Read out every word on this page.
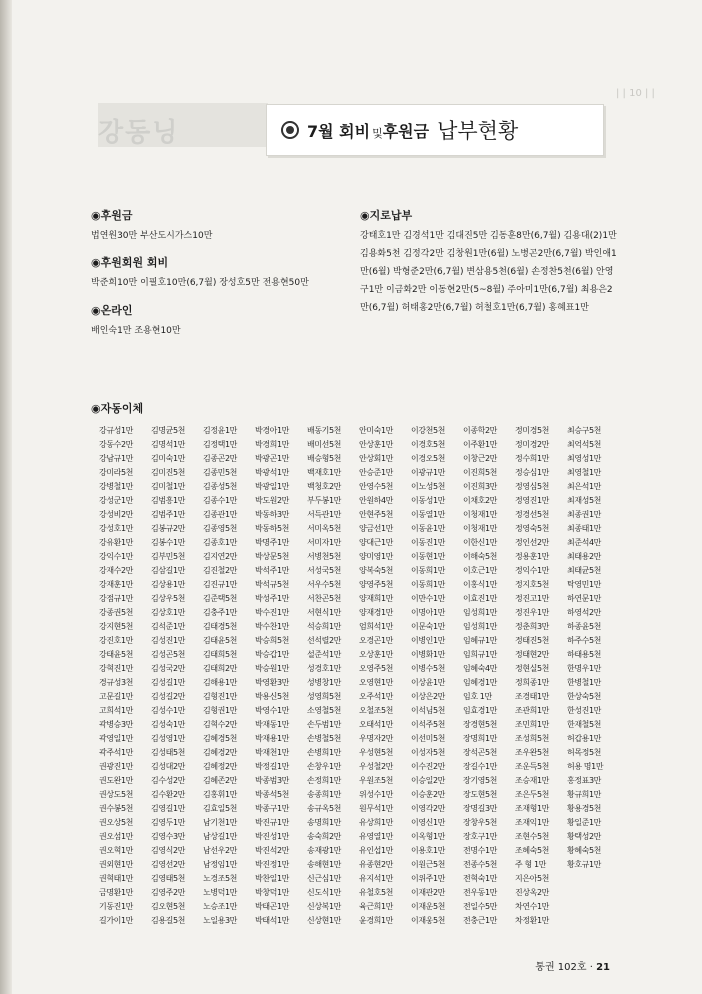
강동닝
| | 10 | |
7월 회비 및 후원금 납부현황
◉후원금
법연원30만 부산도시가스10만
◉후원회원 회비
박준희10만 이필호10만(6,7월) 장성호5만 전용현50만
◉온라인
배인숙1만 조용현10만
◉지로납부
강태호1만 김경석1만 김대진5만 김동훈8만(6,7월) 김용대(2)1만 김용화5천 김정각2만 김창원1만(6월) 노병곤2만(6,7월) 박인애1만(6월) 박형준2만(6,7월) 변삼용5천(6월) 손정찬5천(6월) 안영구1만 이금화2만 이동현2만(5~8월) 주아미1만(6,7월) 최용은2만(6,7월) 허태홍2만(6,7월) 허철호1만(6,7월) 홍혜표1만
◉자동이체
강규성1만	김명균5천	김정윤1만	박경아1만	배동기5천	안미숙1만	이강천5천	이종학2만	정미경5천	최승구5천
강동수2만	김명석1만	김정택1만	박경희1만	배미선5천	안상훈1만	이경호5천	이주환1만	정미경2만	최억석5천
강남규1만	김미숙1만	김종곤2만	박광곤1만	배승형5천	안상회1만	이경오5천	이창근2만	정수희1만	최영성1만
강미라5천	김미진5천	김종민5천	박광석1만	백재호1만	안승준1만	이광규1만	이진희5천	정승심1만	최영철1만
강병철1만	김미철1만	김종성5천	박광일1만	백청호2만	안영수5천	이노성5천	이진희3만	정영심5천	최은석1만
강성군1만	김범흥1만	김종수1만	박도원2만	부두봉1만	안원하4만	이동성1만	이채호2만	정영진1만	최재성5천
강성비2만	김범주1만	김종관1만	박동하3만	서득관1만	안현주5천	이동열1만	이청재1만	정경선5천	최종권1만
강성호1만	김봉규2만	김종영5천	박동하5천	서미옥5천	양금선1만	이동윤1만	이청재1만	정영숙5천	최종태1만
강유환1만	김봉수1만	김종호1만	박명주1만	서미자1만	양대근1만	이동진1만	이한신1만	정인선2만	최준석4만
강익수1만	김부민5천	김지연2만	박상문5천	서병천5천	양미영1만	이동현1만	이해숙5천	정용훈1만	최태용2만
강재수2만	김삼길1만	김진철2만	박석주1만	서성국5천	양복숙5천	이동희1만	이호근1만	정익수1만	최태균5천
강재훈1만	김상용1만	김진규1만	박석규5천	서우수5천	양영주5천	이동희1만	이홍식1만	정지호5천	탁영민1만
강점규1만	김상우5천	김준택5천	박성주1만	서찬곤5천	양재희1만	이만수1만	이효진1만	정진고1만	하연문1만
강종권5천	김상호1만	김충주1만	박수진1만	서현식1만	양재경1만	이명아1만	임성희1만	정진우1만	하영석2만
강지현5천	김석준1만	김태경5천	박수찬1만	석승희1만	엄희석1만	이문숙1만	임성희1만	정춘희3만	하종윤5천
강진호1만	김성진1만	김태윤5천	박승희5천	선석렬2만	오경곤1만	이병인1만	임혜규1만	정태진5천	하주수5천
강태윤5천	김성곤5천	김태희5천	박승갑1만	설준석1만	오상훈1만	이병화1만	임희규1만	정태현2만	하태용5천
강혁진1만	김성국2만	김태희2만	박승원1만	성경호1만	오영주5천	이병수5천	임혜숙4만	정현실5천	한명우1만
경규성3천	김성길1만	김해용1만	박영환3만	성병창1만	오영현1만	이상윤1만	임혜경1만	정희종1만	한병철1만
고문길1만	김성길2만	김형진1만	박용신5천	성영희5천	오주석1만	이상은2만	임호 1만	조경태1만	한상숙5천
고희석1만	김성수1만	김형권1만	박영수1만	소영철5천	오철조5천	이석님5천	임효경1만	조관희1만	한성진1만
곽병승3만	김성숙1만	김혁수2만	박재동1만	손두범1만	오태석1만	이석주5천	장경현5천	조민희1만	한재철5천
곽영일1만	김성영1만	김혜경5천	박재용1만	손병철5천	우명자2만	이선미5천	장명희1만	조성희5천	허갑용1만
곽주석1만	김성태5천	김혜경2만	박재천1만	손병희1만	우성현5천	이성자5천	장석곤5천	조우완5천	허목정5천
권광진1만	김성대2만	김혜정2만	박정길1만	손창우1만	우성철2만	이수진2만	장길수1만	조운득5천	허용 명1만
권도완1만	김수성2만	김혜존2만	박종범3만	손정희1만	우원조5천	이승일2만	장기영5천	조승재1만	홍정표3만
권상도5천	김수환2만	김홍휘1만	박종석5천	송종희1만	위성수1만	이승훈2만	장도현5천	조은두5천	황규희1만
권수봉5천	김영길1만	김효일5천	박종구1만	송규옥5천	원무석1만	이영각2만	장명길3만	조재형1만	황용경5천
권오상5천	김영두1만	남기천1만	박진규1만	송명희1만	유상희1만	이영신1만	장창우5천	조재익1만	황일준1만
권오섬1만	김영수3만	남상길1만	박진성1만	송숙희2만	유영열1만	이옥형1만	장호구1만	조현수5천	황택성2만
권오혁1만	김영식2만	남선우2만	박진석2만	송재광1만	유인섭1만	이용호1만	전명수1만	조혜숙5천	황혜숙5천
권외현1만	김영선2만	남정임1만	박진정1만	송해현1만	유종현2만	이원근5천	전종수5천	주 형 1만	황호규1만
권혁태1만	김영태5천	노경조5천	박찬일1만	신근심1만	유지석1만	이위주1만	전혁숙1만	지은아5천
금명환1만	김영주2만	노병덕1만	박창덕1만	신도식1만	유철호5천	이재관2만	전우동1만	진상옥2만
기동진1만	김오현5천	노승조1만	박태곤1만	신상복1만	육근희1만	이재운5천	전일수5만	차연수1만
길가이1만	김용길5천	노일용3만	박태석1만	신상현1만	윤경희1만	이재웅5천	전충근1만	차정환1만
통권 102호 · 21
